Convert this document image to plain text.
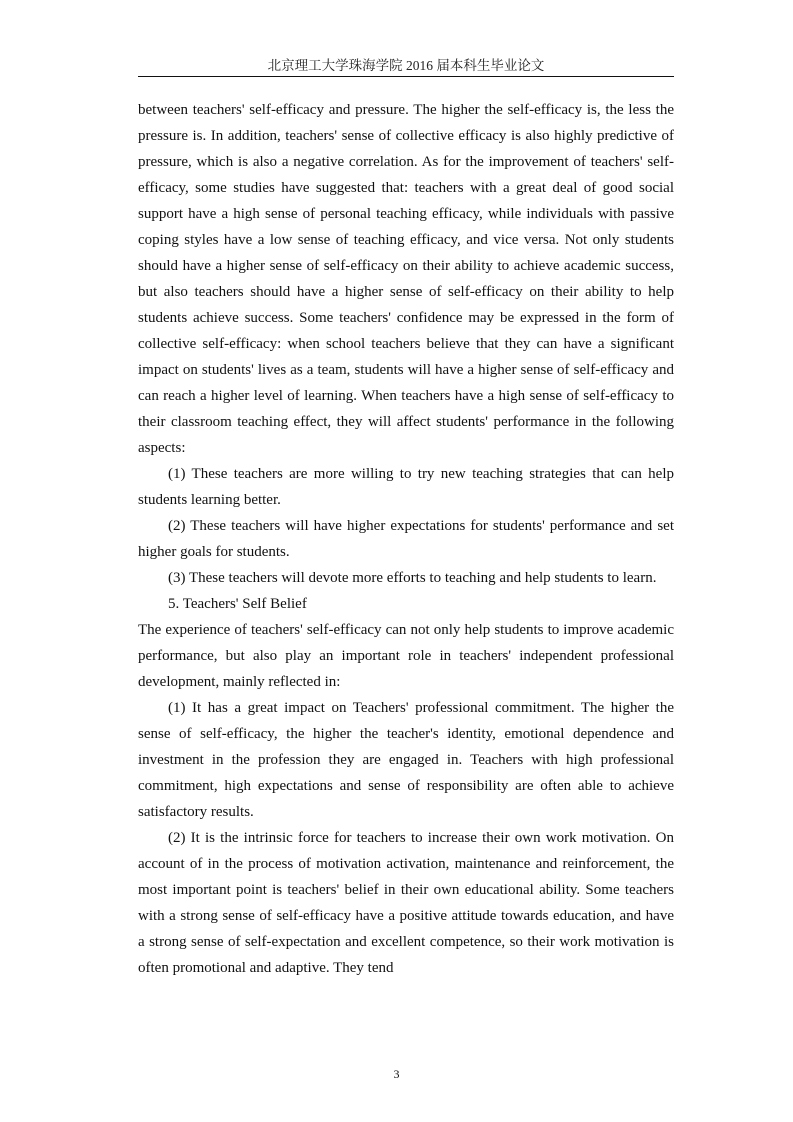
北京理工大学珠海学院 2016 届本科生毕业论文

between teachers' self-efficacy and pressure. The higher the self-efficacy is, the less the pressure is. In addition, teachers' sense of collective efficacy is also highly predictive of pressure, which is also a negative correlation. As for the improvement of teachers' self-efficacy, some studies have suggested that: teachers with a great deal of good social support have a high sense of personal teaching efficacy, while individuals with passive coping styles have a low sense of teaching efficacy, and vice versa. Not only students should have a higher sense of self-efficacy on their ability to achieve academic success, but also teachers should have a higher sense of self-efficacy on their ability to help students achieve success. Some teachers' confidence may be expressed in the form of collective self-efficacy: when school teachers believe that they can have a significant impact on students' lives as a team, students will have a higher sense of self-efficacy and can reach a higher level of learning. When teachers have a high sense of self-efficacy to their classroom teaching effect, they will affect students' performance in the following aspects:

(1) These teachers are more willing to try new teaching strategies that can help students learning better.

(2) These teachers will have higher expectations for students' performance and set higher goals for students.

(3) These teachers will devote more efforts to teaching and help students to learn.

5. Teachers' Self Belief

The experience of teachers' self-efficacy can not only help students to improve academic performance, but also play an important role in teachers' independent professional development, mainly reflected in:

(1) It has a great impact on Teachers' professional commitment. The higher the sense of self-efficacy, the higher the teacher's identity, emotional dependence and investment in the profession they are engaged in. Teachers with high professional commitment, high expectations and sense of responsibility are often able to achieve satisfactory results.

(2) It is the intrinsic force for teachers to increase their own work motivation. On account of in the process of motivation activation, maintenance and reinforcement, the most important point is teachers' belief in their own educational ability. Some teachers with a strong sense of self-efficacy have a positive attitude towards education, and have a strong sense of self-expectation and excellent competence, so their work motivation is often promotional and adaptive. They tend

3
